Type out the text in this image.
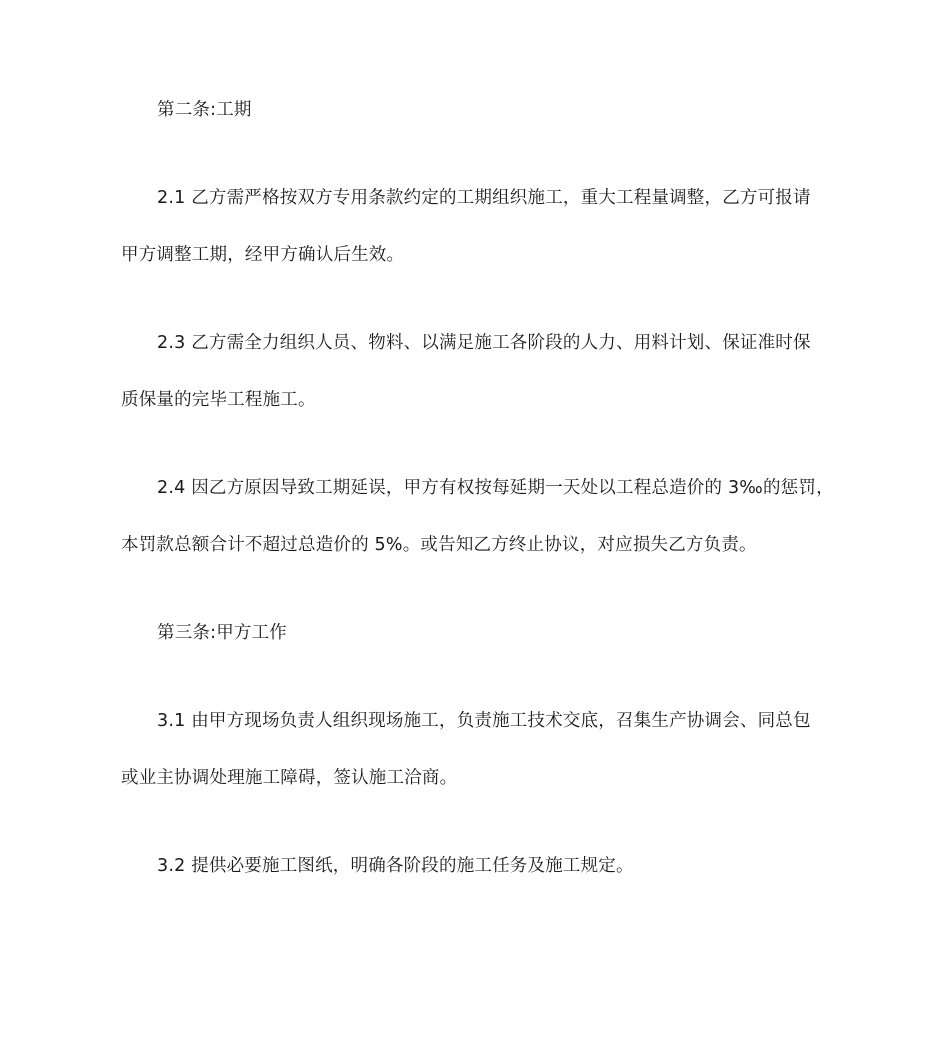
第二条:工期
2.1 乙方需严格按双方专用条款约定的工期组织施工，重大工程量调整，乙方可报请
甲方调整工期，经甲方确认后生效。
2.3 乙方需全力组织人员、物料、以满足施工各阶段的人力、用料计划、保证准时保
质保量的完毕工程施工。
2.4 因乙方原因导致工期延误，甲方有权按每延期一天处以工程总造价的 3‰的惩罚，
本罚款总额合计不超过总造价的 5%。或告知乙方终止协议，对应损失乙方负责。
第三条:甲方工作
3.1 由甲方现场负责人组织现场施工，负责施工技术交底，召集生产协调会、同总包
或业主协调处理施工障碍，签认施工洽商。
3.2 提供必要施工图纸，明确各阶段的施工任务及施工规定。
